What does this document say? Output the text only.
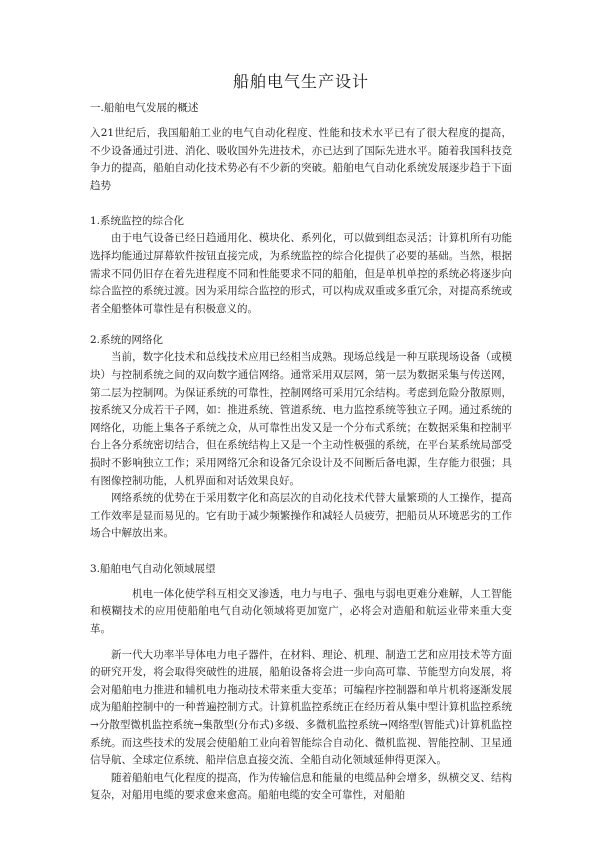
船舶电气生产设计
一.船舶电气发展的概述

入21世纪后，我国船舶工业的电气自动化程度、性能和技术水平已有了很大程度的提高，不少设备通过引进、消化、吸收国外先进技术，亦已达到了国际先进水平。随着我国科技竞争力的提高，船舶自动化技术势必有不少新的突破。船舶电气自动化系统发展逐步趋于下面趋势

1.系统监控的综合化

由于电气设备已经日趋通用化、模块化、系列化，可以做到组态灵活；计算机所有功能选择均能通过屏幕软件按钮直接完成，为系统监控的综合化提供了必要的基础。当然，根据需求不同仍旧存在着先进程度不同和性能要求不同的船舶，但是单机单控的系统必将逐步向综合监控的系统过渡。因为采用综合监控的形式，可以构成双重或多重冗余，对提高系统或者全船整体可靠性是有积极意义的。

2.系统的网络化

当前，数字化技术和总线技术应用已经相当成熟。现场总线是一种互联现场设备（或模块）与控制系统之间的双向数字通信网络。通常采用双层网，第一层为数据采集与传送网，第二层为控制网。为保证系统的可靠性，控制网络可采用冗余结构。考虑到危险分散原则，按系统又分成若干子网，如：推进系统、管道系统、电力监控系统等独立子网。通过系统的网络化，功能上集各子系统之众，从可靠性出发又是一个分布式系统；在数据采集和控制平台上各分系统密切结合，但在系统结构上又是一个主动性极强的系统，在平台某系统局部受损时不影响独立工作；采用网络冗余和设备冗余设计及不间断后备电源，生存能力很强；具有图像控制功能，人机界面和对话效果良好。

网络系统的优势在于采用数字化和高层次的自动化技术代替大量繁琐的人工操作，提高工作效率是显而易见的。它有助于减少频繁操作和减轻人员疲劳，把船员从环境恶劣的工作场合中解放出来。

3.船舶电气自动化领域展望

机电一体化使学科互相交叉渗透，电力与电子、强电与弱电更难分难解，人工智能和模糊技术的应用使船舶电气自动化领域将更加宽广，必将会对造船和航运业带来重大变革。

新一代大功率半导体电力电子器件，在材料、理论、机理、制造工艺和应用技术等方面的研究开发，将会取得突破性的进展，船舶设备将会进一步向高可靠、节能型方向发展，将会对船舶电力推进和辅机电力拖动技术带来重大变革；可编程序控制器和单片机将逐渐发展成为船舶控制中的一种普遍控制方式。计算机监控系统正在经历着从集中型计算机监控系统→分散型微机监控系统→集散型(分布式)多级、多微机监控系统→网络型(智能式)计算机监控系统。而这些技术的发展会使船舶工业向着智能综合自动化、微机监视、智能控制、卫星通信导航、全球定位系统、船岸信息直接交流、全船自动化领域延伸得更深入。

随着船舶电气化程度的提高，作为传输信息和能量的电缆品种会增多，纵横交叉、结构复杂，对船用电缆的要求愈来愈高。船舶电缆的安全可靠性，对船舶
